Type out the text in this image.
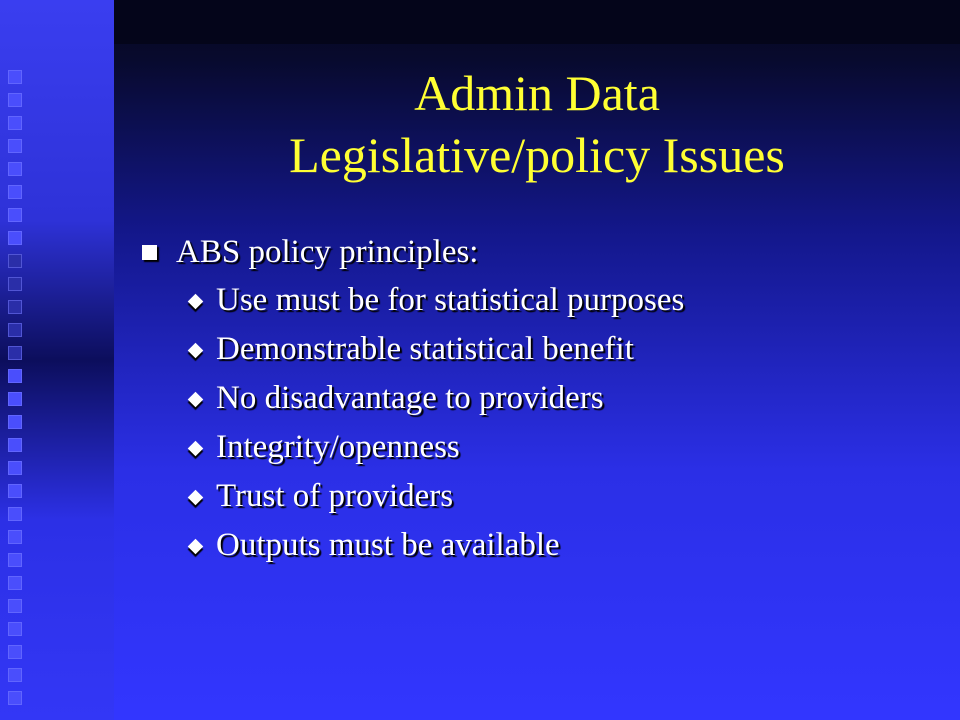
Admin Data
Legislative/policy Issues
ABS policy principles:
Use must be for statistical purposes
Demonstrable statistical benefit
No disadvantage to providers
Integrity/openness
Trust of providers
Outputs must be available
